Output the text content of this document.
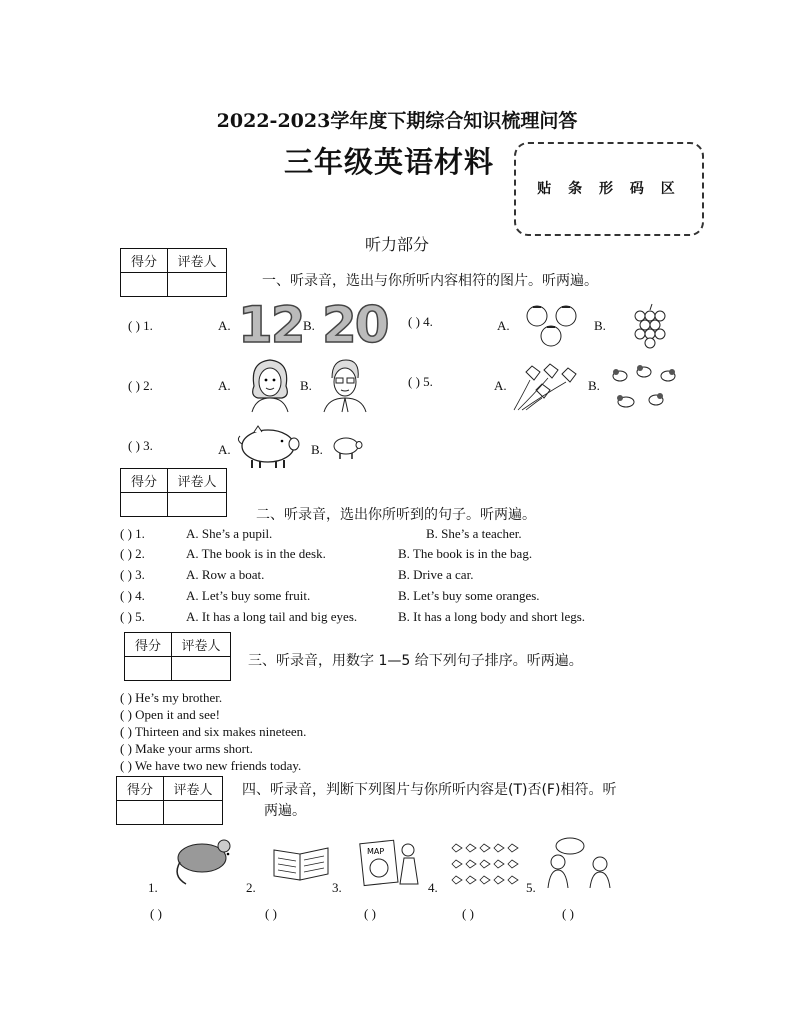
2022-2023学年度下期综合知识梳理问答
三年级英语材料
贴 条 形 码 区
听力部分
得分	评卷人

一、听录音，选出与你所听内容相符的图片。听两遍。
( ) 1.	A.	B.
12 20
( ) 2.	A.	B.
( ) 3.	A.	B.
( ) 4.	A.	B.
( ) 5.	A.	B.
得分	评卷人

二、听录音，选出你所听到的句子。听两遍。
( ) 1.	A. She’s a pupil.	B. She’s a teacher.
( ) 2.	A. The book is in the desk.	B. The book is in the bag.
( ) 3.	A. Row a boat.	B. Drive a car.
( ) 4.	A. Let’s buy some fruit.	B. Let’s buy some oranges.
( ) 5.	A. It has a long tail and big eyes.	B. It has a long body and short legs.
得分	评卷人

三、听录音，用数字 1—5 给下列句子排序。听两遍。
( ) He’s my brother.
( ) Open it and see!
( ) Thirteen and six makes nineteen.
( ) Make your arms short.
( ) We have two new friends today.
得分	评卷人
	四、听录音，判断下列图片与你所听内容是(T)否(F)相符。听
两遍。
1.	2.	3.
MAP
4.	5.
( )	( )	( )	( )	( )
